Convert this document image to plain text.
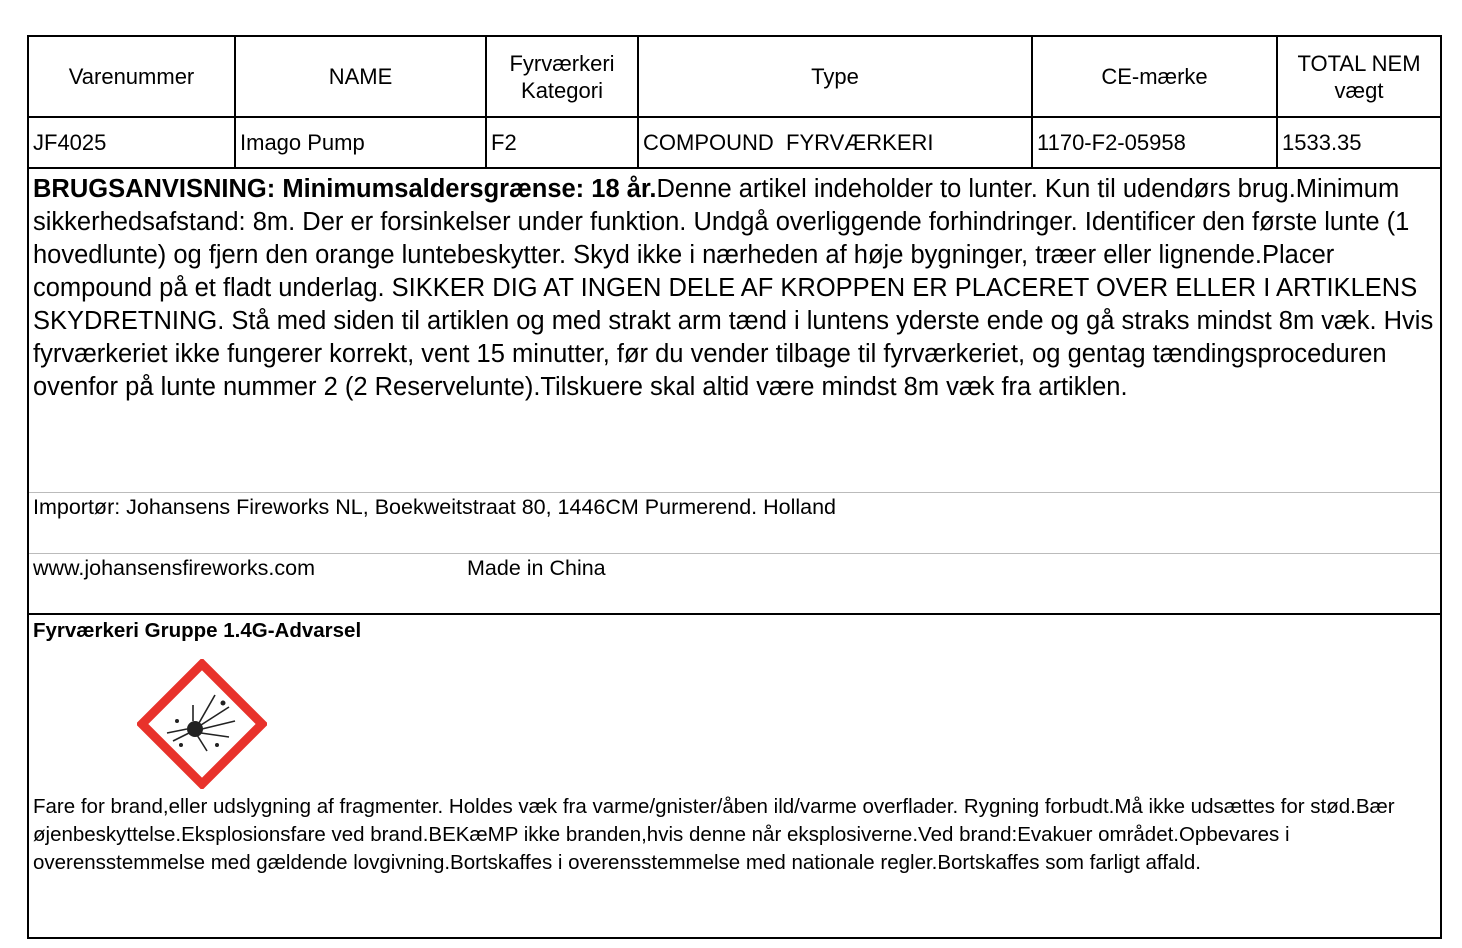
Varenummer	NAME	Fyrværkeri Kategori	Type	CE-mærke	TOTAL NEM vægt
JF4025	Imago Pump	F2	COMPOUND  FYRVÆRKERI	1170-F2-05958	1533.35
BRUGSANVISNING: Minimumsaldersgrænse: 18 år.Denne artikel indeholder to lunter. Kun til udendørs brug.Minimum sikkerhedsafstand: 8m. Der er forsinkelser under funktion. Undgå overliggende forhindringer. Identificer den første lunte (1 hovedlunte) og fjern den orange luntebeskytter. Skyd ikke i nærheden af høje bygninger, træer eller lignende.Placer compound på et fladt underlag. SIKKER DIG AT INGEN DELE AF KROPPEN ER PLACERET OVER ELLER I ARTIKLENS SKYDRETNING. Stå med siden til artiklen og med strakt arm tænd i luntens yderste ende og gå straks mindst 8m væk. Hvis fyrværkeriet ikke fungerer korrekt, vent 15 minutter, før du vender tilbage til fyrværkeriet, og gentag tændingsproceduren ovenfor på lunte nummer 2 (2 Reservelunte).Tilskuere skal altid være mindst 8m væk fra artiklen.
Importør: Johansens Fireworks NL, Boekweitstraat 80, 1446CM Purmerend. Holland
www.johansensfireworks.com	Made in China
Fyrværkeri Gruppe 1.4G-Advarsel
Fare for brand,eller udslygning af fragmenter. Holdes væk fra varme/gnister/åben ild/varme overflader. Rygning forbudt.Må ikke udsættes for stød.Bær øjenbeskyttelse.Eksplosionsfare ved brand.BEKæMP ikke branden,hvis denne når eksplosiverne.Ved brand:Evakuer området.Opbevares i overensstemmelse med gældende lovgivning.Bortskaffes i overensstemmelse med nationale regler.Bortskaffes som farligt affald.
